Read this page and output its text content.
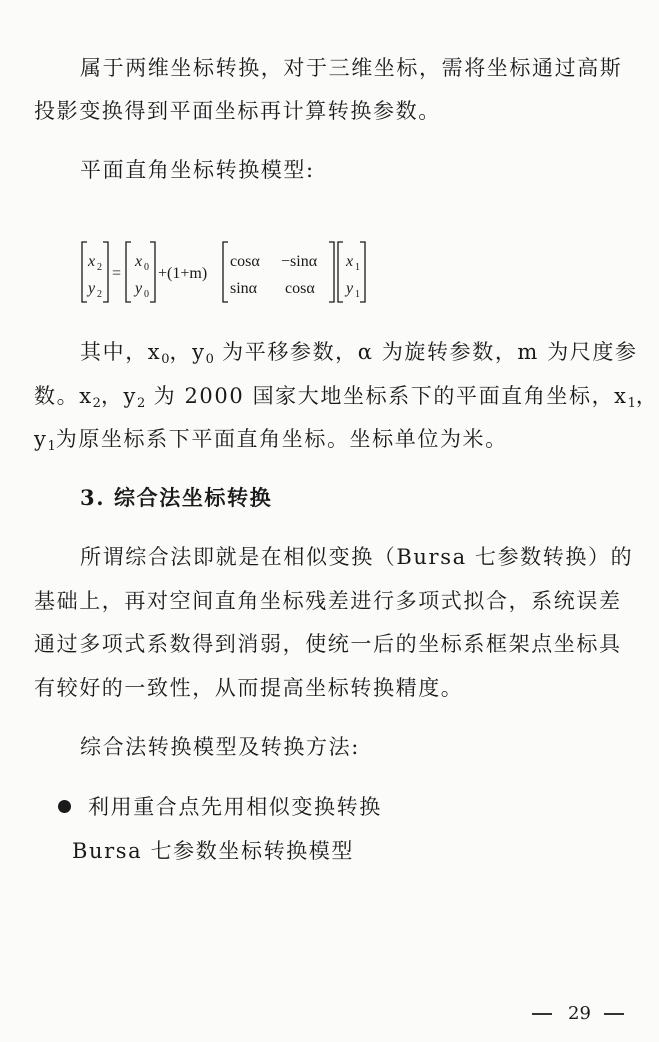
属于两维坐标转换，对于三维坐标，需将坐标通过高斯
投影变换得到平面坐标再计算转换参数。
平面直角坐标转换模型:
x 2
y 2
=
x 0
y 0
+(1+m)
cosα −sinα
sinα cosα
x 1
y 1
其中，$x_0$，$y_0$ 为平移参数，α 为旋转参数，m 为尺度参
数。$x_2$，$y_2$ 为 2000 国家大地坐标系下的平面直角坐标，$x_1$，
$y_1$为原坐标系下平面直角坐标。坐标单位为米。
3. 综合法坐标转换
所谓综合法即就是在相似变换（Bursa 七参数转换）的
基础上，再对空间直角坐标残差进行多项式拟合，系统误差
通过多项式系数得到消弱，使统一后的坐标系框架点坐标具
有较好的一致性，从而提高坐标转换精度。
综合法转换模型及转换方法:
利用重合点先用相似变换转换
Bursa 七参数坐标转换模型
29
